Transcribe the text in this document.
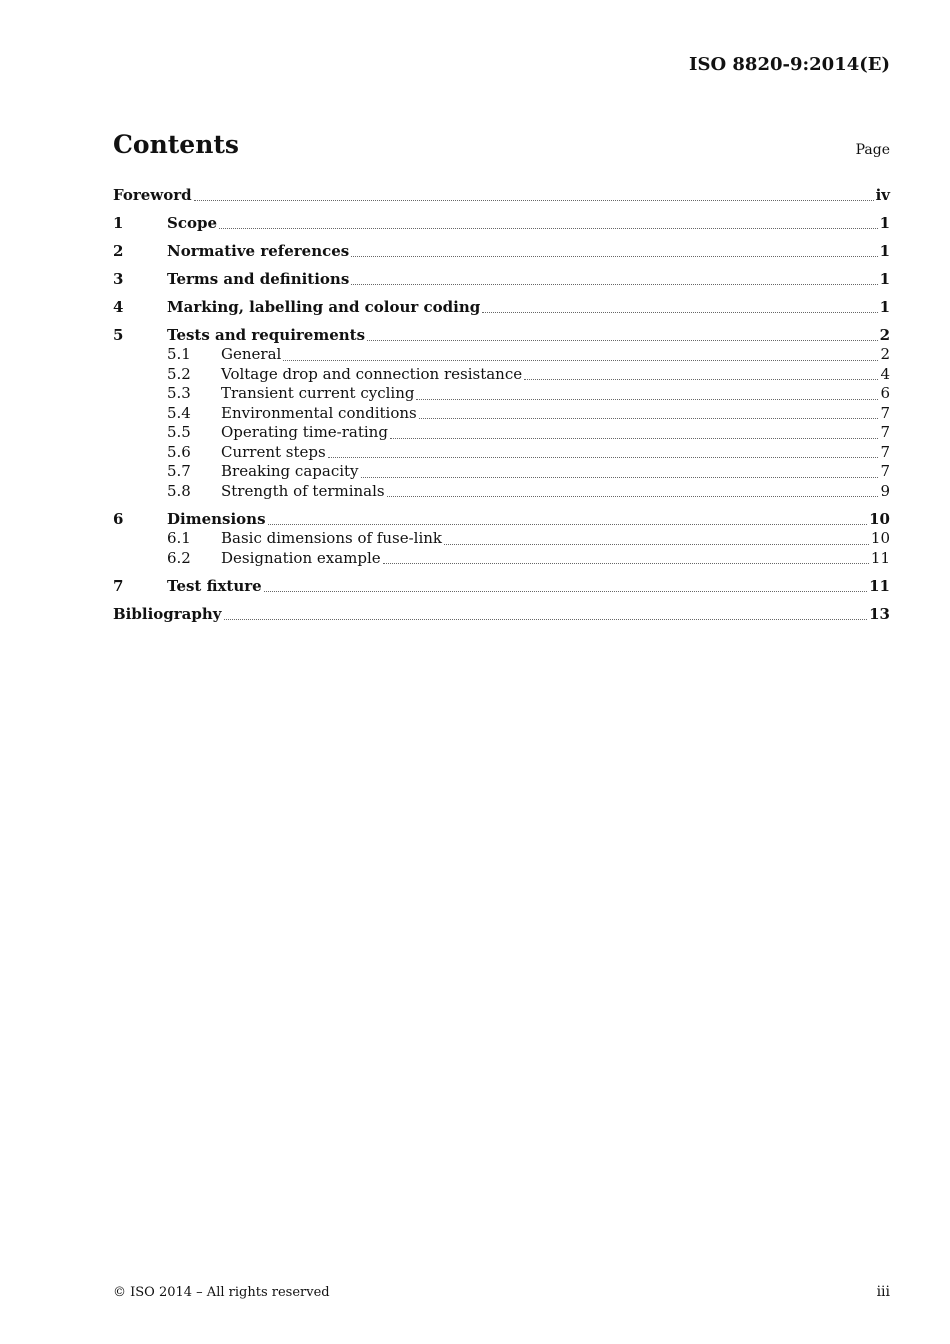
ISO 8820-9:2014(E)
Contents	Page
Foreword	iv
1	Scope	1
2	Normative references	1
3	Terms and definitions	1
4	Marking, labelling and colour coding	1
5	Tests and requirements	2
5.1	General	2
5.2	Voltage drop and connection resistance	4
5.3	Transient current cycling	6
5.4	Environmental conditions	7
5.5	Operating time-rating	7
5.6	Current steps	7
5.7	Breaking capacity	7
5.8	Strength of terminals	9
6	Dimensions	10
6.1	Basic dimensions of fuse-link	10
6.2	Designation example	11
7	Test fixture	11
Bibliography	13
© ISO 2014 – All rights reserved	iii
